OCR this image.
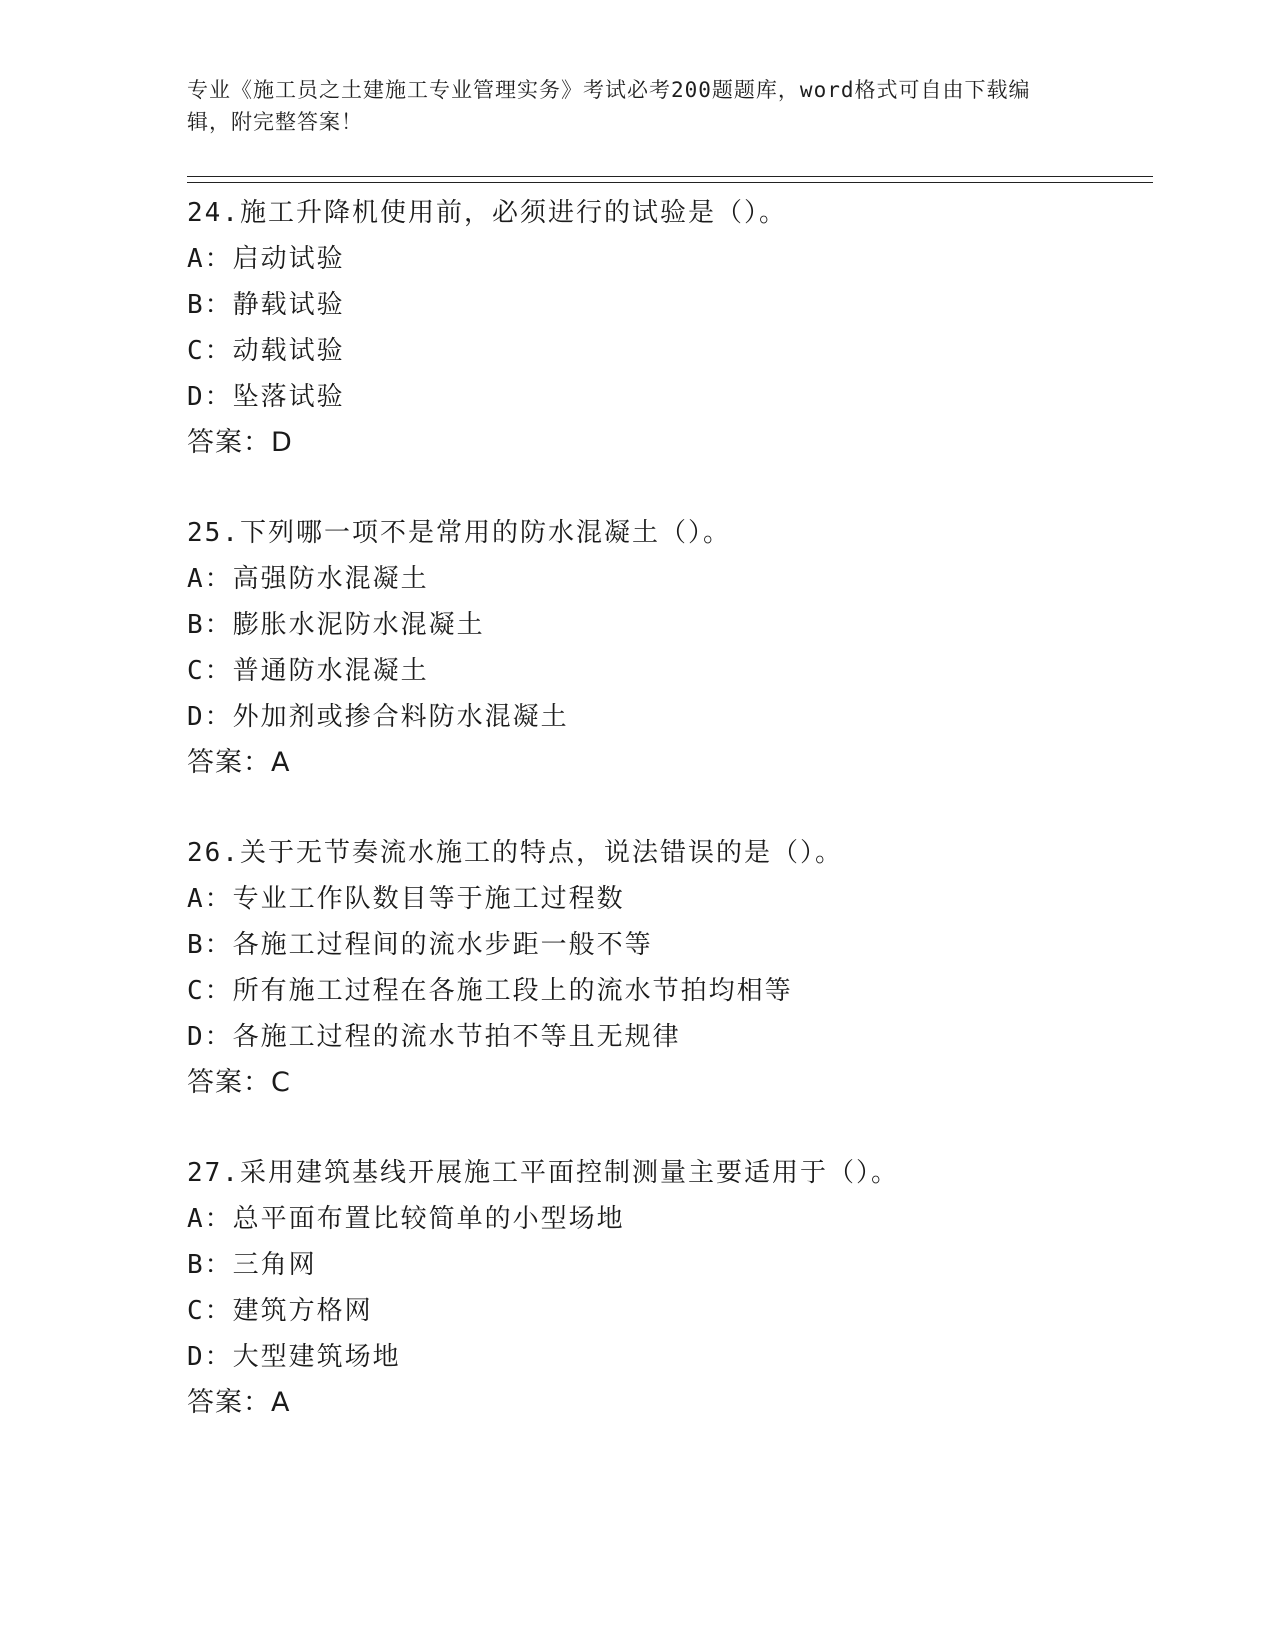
专业《施工员之土建施工专业管理实务》考试必考200题题库，word格式可自由下载编辑，附完整答案！
24.施工升降机使用前，必须进行的试验是（）。
A：启动试验
B：静载试验
C：动载试验
D：坠落试验
答案：D
25.下列哪一项不是常用的防水混凝土（）。
A：高强防水混凝土
B：膨胀水泥防水混凝土
C：普通防水混凝土
D：外加剂或掺合料防水混凝土
答案：A
26.关于无节奏流水施工的特点，说法错误的是（）。
A：专业工作队数目等于施工过程数
B：各施工过程间的流水步距一般不等
C：所有施工过程在各施工段上的流水节拍均相等
D：各施工过程的流水节拍不等且无规律
答案：C
27.采用建筑基线开展施工平面控制测量主要适用于（）。
A：总平面布置比较简单的小型场地
B：三角网
C：建筑方格网
D：大型建筑场地
答案：A
